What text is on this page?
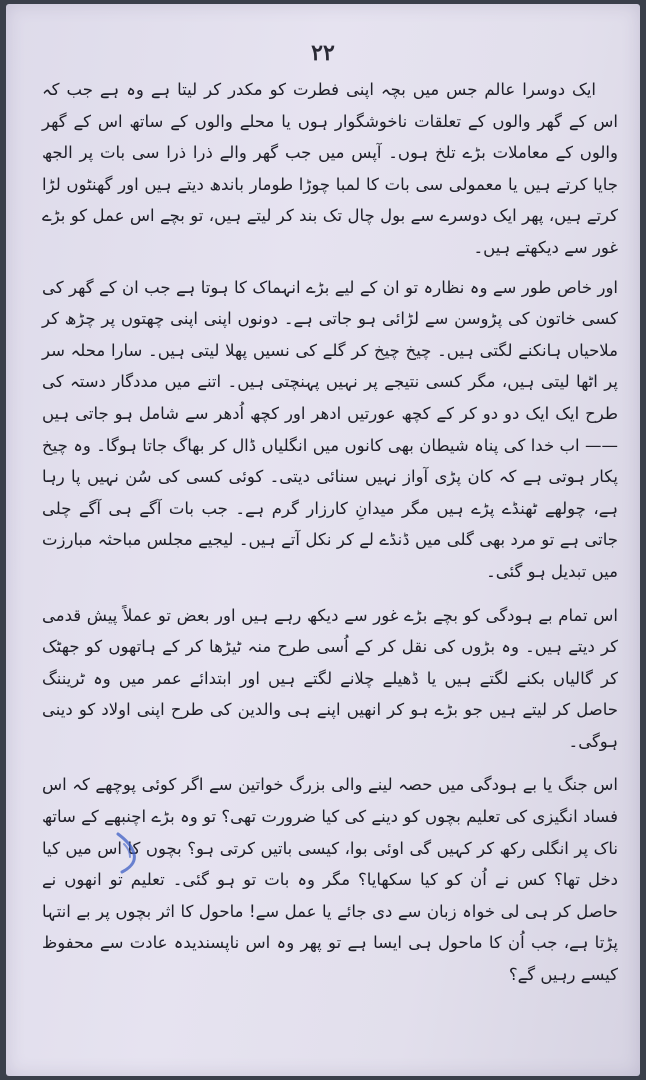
۲۲

ایک دوسرا عالم جس میں بچہ اپنی فطرت کو مکدر کر لیتا ہے وہ ہے جب کہ اس کے گھر والوں کے تعلقات ناخوشگوار ہوں یا محلے والوں کے ساتھ اس کے گھر والوں کے معاملات بڑے تلخ ہوں۔ آپس میں جب گھر والے ذرا ذرا سی بات پر الجھ جایا کرتے ہیں یا معمولی سی بات کا لمبا چوڑا طومار باندھ دیتے ہیں اور گھنٹوں لڑا کرتے ہیں، پھر ایک دوسرے سے بول چال تک بند کر لیتے ہیں، تو بچے اس عمل کو بڑے غور سے دیکھتے ہیں۔

اور خاص طور سے وہ نظارہ تو ان کے لیے بڑے انہماک کا ہوتا ہے جب ان کے گھر کی کسی خاتون کی پڑوسن سے لڑائی ہو جاتی ہے۔ دونوں اپنی اپنی چھتوں پر چڑھ کر ملاحیاں ہانکنے لگتی ہیں۔ چیخ چیخ کر گلے کی نسیں پھلا لیتی ہیں۔ سارا محلہ سر پر اٹھا لیتی ہیں، مگر کسی نتیجے پر نہیں پہنچتی ہیں۔ اتنے میں مددگار دستہ کی طرح ایک ایک دو دو کر کے کچھ عورتیں ادھر اور کچھ اُدھر سے شامل ہو جاتی ہیں —— اب خدا کی پناہ شیطان بھی کانوں میں انگلیاں ڈال کر بھاگ جاتا ہوگا۔ وہ چیخ پکار ہوتی ہے کہ کان پڑی آواز نہیں سنائی دیتی۔ کوئی کسی کی سُن نہیں پا رہا ہے، چولھے ٹھنڈے پڑے ہیں مگر میدانِ کارزار گرم ہے۔ جب بات آگے ہی آگے چلی جاتی ہے تو مرد بھی گلی میں ڈنڈے لے کر نکل آتے ہیں۔ لیجیے مجلس مباحثہ مبارزت میں تبدیل ہو گئی۔

اس تمام بے ہودگی کو بچے بڑے غور سے دیکھ رہے ہیں اور بعض تو عملاً پیش قدمی کر دیتے ہیں۔ وہ بڑوں کی نقل کر کے اُسی طرح منہ ٹیڑھا کر کے ہاتھوں کو جھٹک کر گالیاں بکنے لگتے ہیں یا ڈھیلے چلانے لگتے ہیں اور ابتدائے عمر میں وہ ٹریننگ حاصل کر لیتے ہیں جو بڑے ہو کر انھیں اپنے ہی والدین کی طرح اپنی اولاد کو دینی ہوگی۔

اس جنگ یا بے ہودگی میں حصہ لینے والی بزرگ خواتین سے اگر کوئی پوچھے کہ اس فساد انگیزی کی تعلیم بچوں کو دینے کی کیا ضرورت تھی؟ تو وہ بڑے اچنبھے کے ساتھ ناک پر انگلی رکھ کر کہیں گی اوئی بوا، کیسی باتیں کرتی ہو؟ بچوں کا اس میں کیا دخل تھا؟ کس نے اُن کو کیا سکھایا؟ مگر وہ بات تو ہو گئی۔ تعلیم تو انھوں نے حاصل کر ہی لی خواہ زبان سے دی جائے یا عمل سے! ماحول کا اثر بچوں پر بے انتہا پڑتا ہے، جب اُن کا ماحول ہی ایسا ہے تو پھر وہ اس ناپسندیدہ عادت سے محفوظ کیسے رہیں گے؟
